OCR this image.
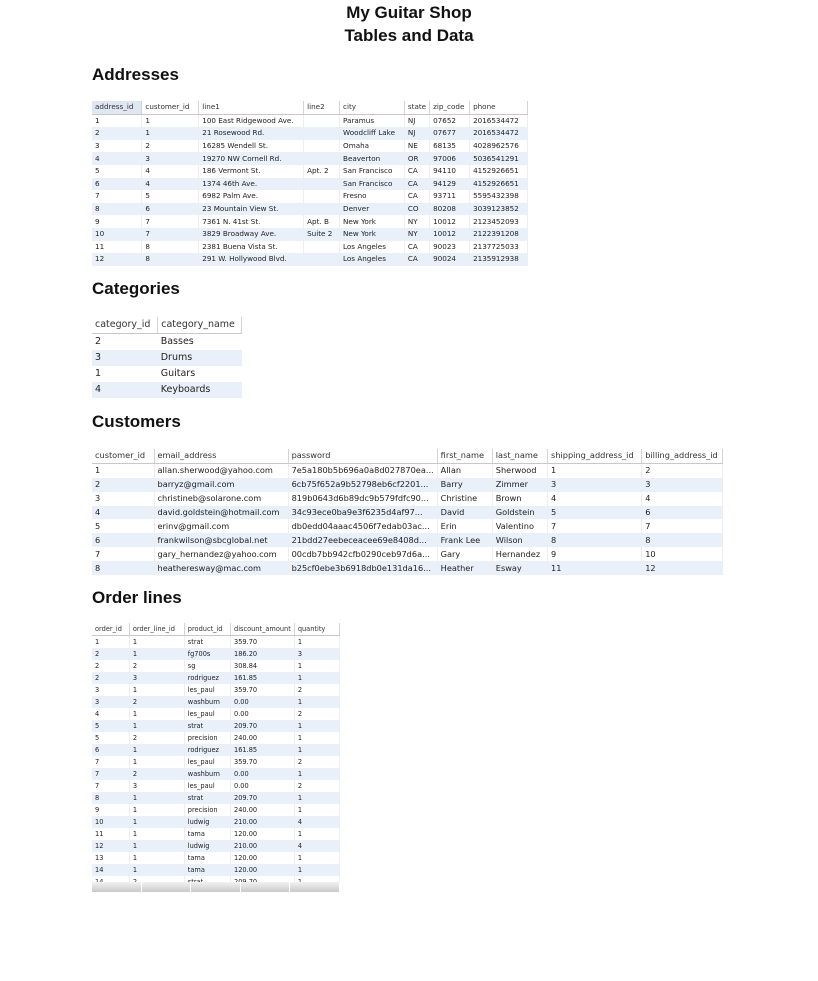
My Guitar Shop
Tables and Data
Addresses
address_id	customer_id	line1	line2	city	state	zip_code	phone
1	1	100 East Ridgewood Ave.		Paramus	NJ	07652	2016534472
2	1	21 Rosewood Rd.		Woodcliff Lake	NJ	07677	2016534472
3	2	16285 Wendell St.		Omaha	NE	68135	4028962576
4	3	19270 NW Cornell Rd.		Beaverton	OR	97006	5036541291
5	4	186 Vermont St.	Apt. 2	San Francisco	CA	94110	4152926651
6	4	1374 46th Ave.		San Francisco	CA	94129	4152926651
7	5	6982 Palm Ave.		Fresno	CA	93711	5595432398
8	6	23 Mountain View St.		Denver	CO	80208	3039123852
9	7	7361 N. 41st St.	Apt. B	New York	NY	10012	2123452093
10	7	3829 Broadway Ave.	Suite 2	New York	NY	10012	2122391208
11	8	2381 Buena Vista St.		Los Angeles	CA	90023	2137725033
12	8	291 W. Hollywood Blvd.		Los Angeles	CA	90024	2135912938
Categories
category_id	category_name
2	Basses
3	Drums
1	Guitars
4	Keyboards
Customers
customer_id	email_address	password	first_name	last_name	shipping_address_id	billing_address_id
1	allan.sherwood@yahoo.com	7e5a180b5b696a0a8d027870ea...	Allan	Sherwood	1	2
2	barryz@gmail.com	6cb75f652a9b52798eb6cf2201...	Barry	Zimmer	3	3
3	christineb@solarone.com	819b0643d6b89dc9b579fdfc90...	Christine	Brown	4	4
4	david.goldstein@hotmail.com	34c93ece0ba9e3f6235d4af97...	David	Goldstein	5	6
5	erinv@gmail.com	db0edd04aaac4506f7edab03ac...	Erin	Valentino	7	7
6	frankwilson@sbcglobal.net	21bdd27eebeceacee69e8408d...	Frank Lee	Wilson	8	8
7	gary_hernandez@yahoo.com	00cdb7bb942cfb0290ceb97d6a...	Gary	Hernandez	9	10
8	heatheresway@mac.com	b25cf0ebe3b6918db0e131da16...	Heather	Esway	11	12
Order lines
order_id	order_line_id	product_id	discount_amount	quantity
1	1	strat	359.70	1
2	1	fg700s	186.20	3
2	2	sg	308.84	1
2	3	rodriguez	161.85	1
3	1	les_paul	359.70	2
3	2	washburn	0.00	1
4	1	les_paul	0.00	2
5	1	strat	209.70	1
5	2	precision	240.00	1
6	1	rodriguez	161.85	1
7	1	les_paul	359.70	2
7	2	washburn	0.00	1
7	3	les_paul	0.00	2
8	1	strat	209.70	1
9	1	precision	240.00	1
10	1	ludwig	210.00	4
11	1	tama	120.00	1
12	1	ludwig	210.00	4
13	1	tama	120.00	1
14	1	tama	120.00	1
